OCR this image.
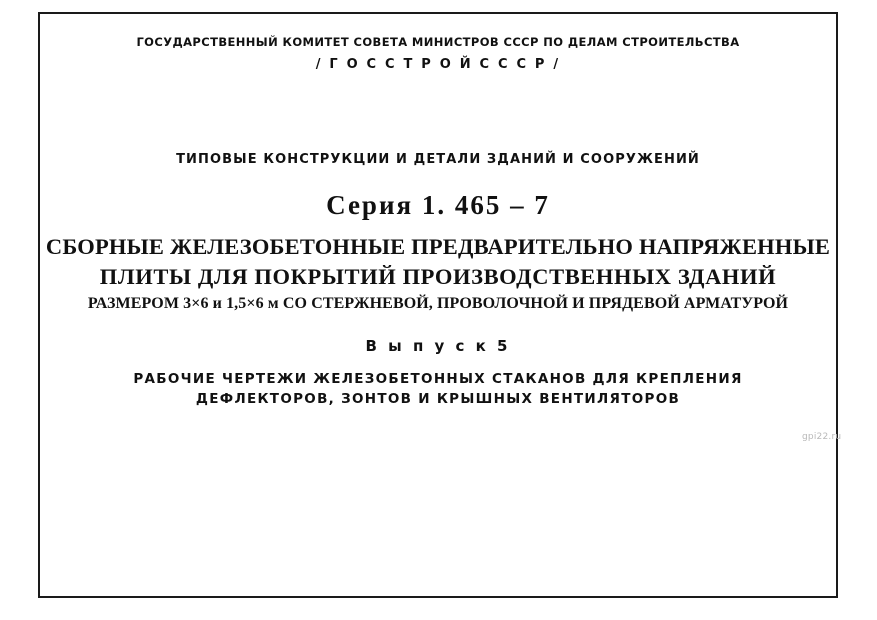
ГОСУДАРСТВЕННЫЙ КОМИТЕТ СОВЕТА МИНИСТРОВ СССР ПО ДЕЛАМ СТРОИТЕЛЬСТВА
/ Г О С С Т Р О Й С С С Р /
ТИПОВЫЕ КОНСТРУКЦИИ И ДЕТАЛИ ЗДАНИЙ И СООРУЖЕНИЙ
Серия 1. 465 – 7
СБОРНЫЕ ЖЕЛЕЗОБЕТОННЫЕ ПРЕДВАРИТЕЛЬНО НАПРЯЖЕННЫЕ
ПЛИТЫ ДЛЯ ПОКРЫТИЙ ПРОИЗВОДСТВЕННЫХ ЗДАНИЙ
РАЗМЕРОМ 3×6 и 1,5×6 м СО СТЕРЖНЕВОЙ, ПРОВОЛОЧНОЙ И ПРЯДЕВОЙ АРМАТУРОЙ
В ы п у с к 5
РАБОЧИЕ ЧЕРТЕЖИ ЖЕЛЕЗОБЕТОННЫХ СТАКАНОВ ДЛЯ КРЕПЛЕНИЯ
ДЕФЛЕКТОРОВ, ЗОНТОВ И КРЫШНЫХ ВЕНТИЛЯТОРОВ
gpi22.ru
